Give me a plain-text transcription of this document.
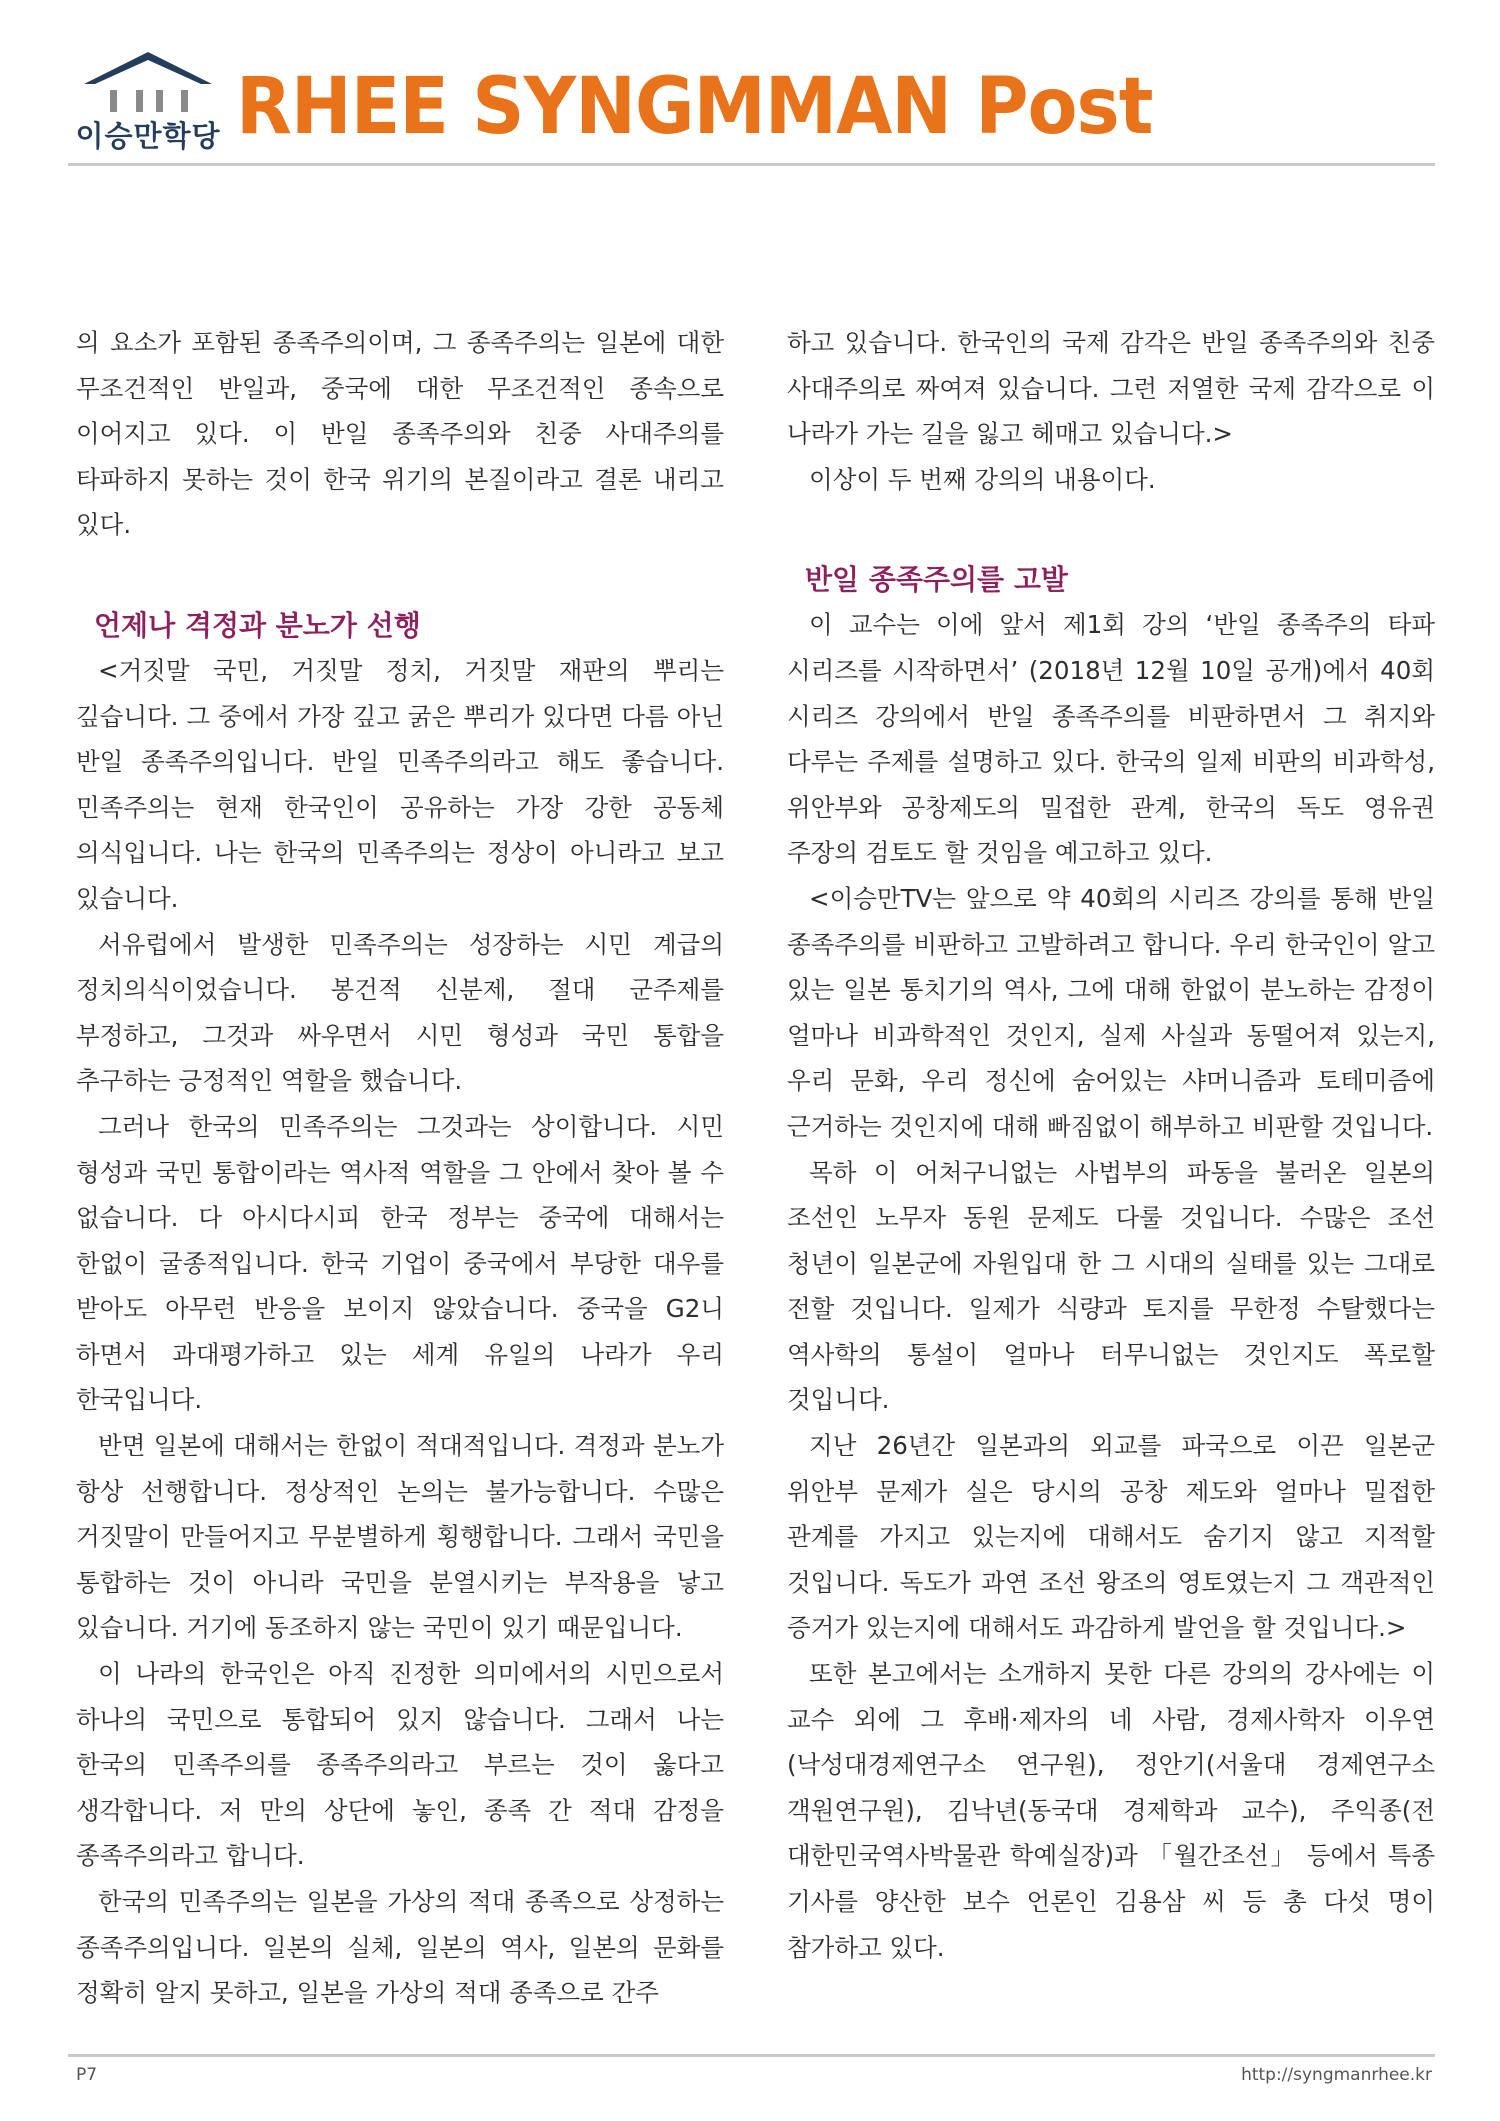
이승만학당 RHEE SYNGMMAN Post

의 요소가 포함된 종족주의이며, 그 종족주의는 일본에 대한 무조건적인 반일과, 중국에 대한 무조건적인 종속으로 이어지고 있다. 이 반일 종족주의와 친중 사대주의를 타파하지 못하는 것이 한국 위기의 본질이라고 결론 내리고 있다.

언제나 격정과 분노가 선행

<거짓말 국민, 거짓말 정치, 거짓말 재판의 뿌리는 깊습니다. 그 중에서 가장 깊고 굵은 뿌리가 있다면 다름 아닌 반일 종족주의입니다. 반일 민족주의라고 해도 좋습니다. 민족주의는 현재 한국인이 공유하는 가장 강한 공동체 의식입니다. 나는 한국의 민족주의는 정상이 아니라고 보고 있습니다.

서유럽에서 발생한 민족주의는 성장하는 시민 계급의 정치의식이었습니다. 봉건적 신분제, 절대 군주제를 부정하고, 그것과 싸우면서 시민 형성과 국민 통합을 추구하는 긍정적인 역할을 했습니다.

그러나 한국의 민족주의는 그것과는 상이합니다. 시민 형성과 국민 통합이라는 역사적 역할을 그 안에서 찾아 볼 수 없습니다. 다 아시다시피 한국 정부는 중국에 대해서는 한없이 굴종적입니다. 한국 기업이 중국에서 부당한 대우를 받아도 아무런 반응을 보이지 않았습니다. 중국을 G2니 하면서 과대평가하고 있는 세계 유일의 나라가 우리 한국입니다.

반면 일본에 대해서는 한없이 적대적입니다. 격정과 분노가 항상 선행합니다. 정상적인 논의는 불가능합니다. 수많은 거짓말이 만들어지고 무분별하게 횡행합니다. 그래서 국민을 통합하는 것이 아니라 국민을 분열시키는 부작용을 낳고 있습니다. 거기에 동조하지 않는 국민이 있기 때문입니다.

이 나라의 한국인은 아직 진정한 의미에서의 시민으로서 하나의 국민으로 통합되어 있지 않습니다. 그래서 나는 한국의 민족주의를 종족주의라고 부르는 것이 옳다고 생각합니다. 저 만의 상단에 놓인, 종족 간 적대 감정을 종족주의라고 합니다.

한국의 민족주의는 일본을 가상의 적대 종족으로 상정하는 종족주의입니다. 일본의 실체, 일본의 역사, 일본의 문화를 정확히 알지 못하고, 일본을 가상의 적대 종족으로 간주

하고 있습니다. 한국인의 국제 감각은 반일 종족주의와 친중 사대주의로 짜여져 있습니다. 그런 저열한 국제 감각으로 이 나라가 가는 길을 잃고 헤매고 있습니다.>

이상이 두 번째 강의의 내용이다.

반일 종족주의를 고발

이 교수는 이에 앞서 제1회 강의 ‘반일 종족주의 타파 시리즈를 시작하면서’ (2018년 12월 10일 공개)에서 40회 시리즈 강의에서 반일 종족주의를 비판하면서 그 취지와 다루는 주제를 설명하고 있다. 한국의 일제 비판의 비과학성, 위안부와 공창제도의 밀접한 관계, 한국의 독도 영유권 주장의 검토도 할 것임을 예고하고 있다.

<이승만TV는 앞으로 약 40회의 시리즈 강의를 통해 반일 종족주의를 비판하고 고발하려고 합니다. 우리 한국인이 알고 있는 일본 통치기의 역사, 그에 대해 한없이 분노하는 감정이 얼마나 비과학적인 것인지, 실제 사실과 동떨어져 있는지, 우리 문화, 우리 정신에 숨어있는 샤머니즘과 토테미즘에 근거하는 것인지에 대해 빠짐없이 해부하고 비판할 것입니다.

목하 이 어처구니없는 사법부의 파동을 불러온 일본의 조선인 노무자 동원 문제도 다룰 것입니다. 수많은 조선 청년이 일본군에 자원입대 한 그 시대의 실태를 있는 그대로 전할 것입니다. 일제가 식량과 토지를 무한정 수탈했다는 역사학의 통설이 얼마나 터무니없는 것인지도 폭로할 것입니다.

지난 26년간 일본과의 외교를 파국으로 이끈 일본군 위안부 문제가 실은 당시의 공창 제도와 얼마나 밀접한 관계를 가지고 있는지에 대해서도 숨기지 않고 지적할 것입니다. 독도가 과연 조선 왕조의 영토였는지 그 객관적인 증거가 있는지에 대해서도 과감하게 발언을 할 것입니다.>

또한 본고에서는 소개하지 못한 다른 강의의 강사에는 이 교수 외에 그 후배·제자의 네 사람, 경제사학자 이우연(낙성대경제연구소 연구원), 정안기(서울대 경제연구소 객원연구원), 김낙년(동국대 경제학과 교수), 주익종(전 대한민국역사박물관 학예실장)과 「월간조선」 등에서 특종 기사를 양산한 보수 언론인 김용삼 씨 등 총 다섯 명이 참가하고 있다.

P7	http://syngmanrhee.kr
